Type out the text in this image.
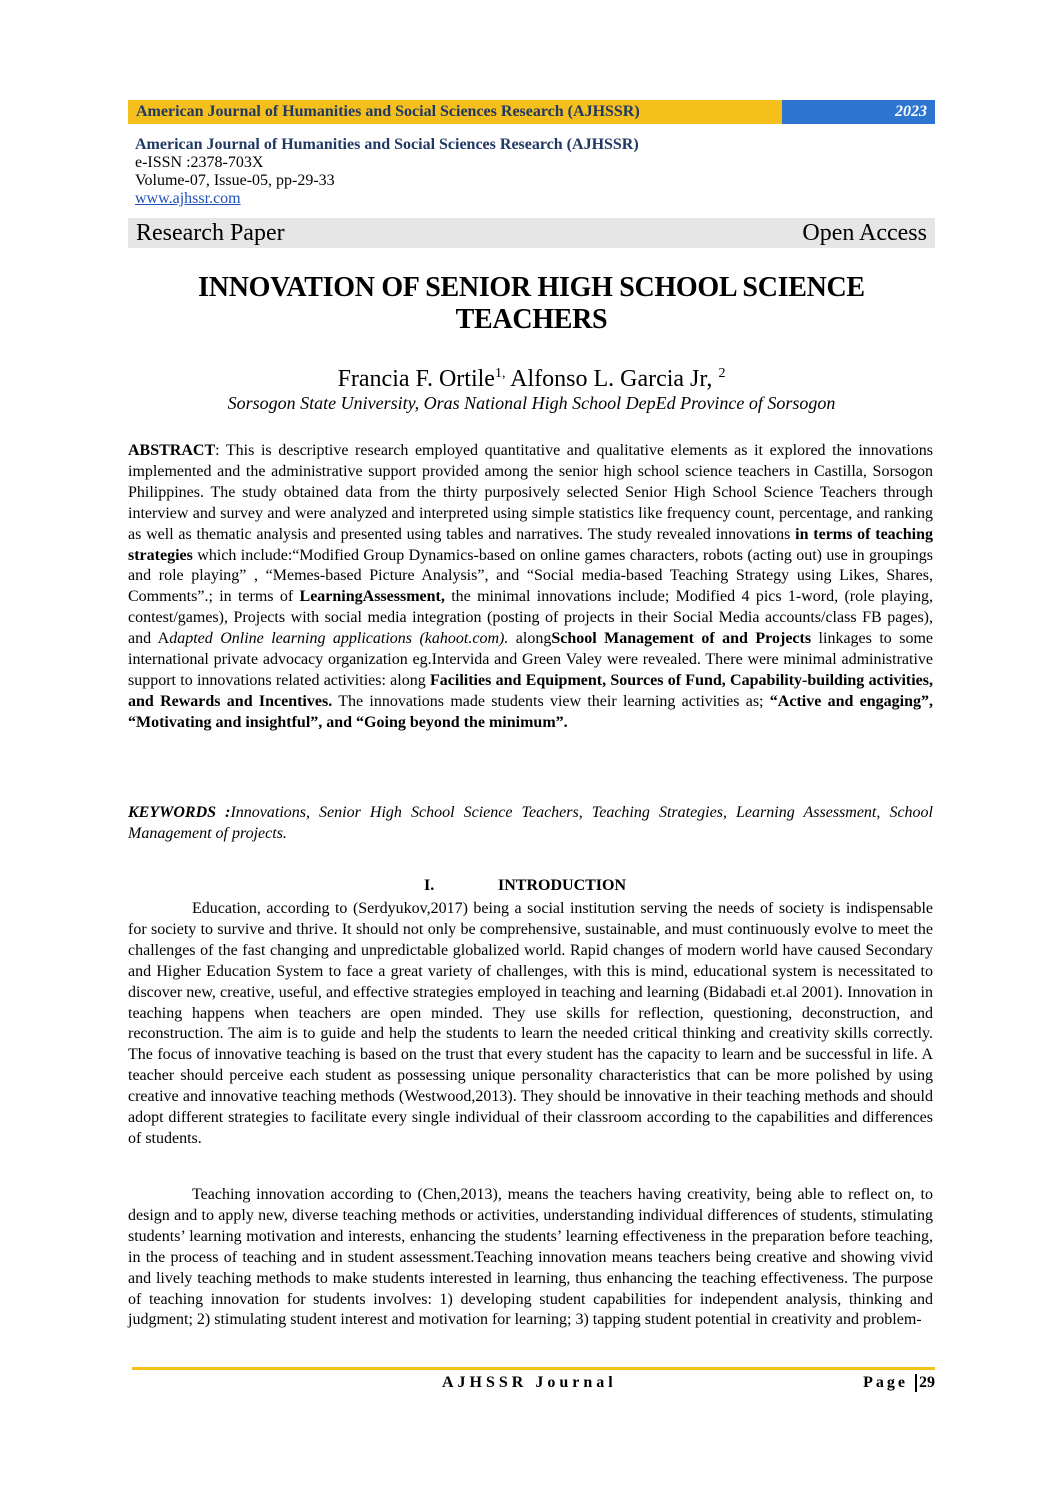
American Journal of Humanities and Social Sciences Research (AJHSSR)	2023
American Journal of Humanities and Social Sciences Research (AJHSSR)
e-ISSN :2378-703X
Volume-07, Issue-05, pp-29-33
www.ajhssr.com
Research Paper	Open Access
INNOVATION OF SENIOR HIGH SCHOOL SCIENCE TEACHERS
Francia F. Ortile$^{1,}$ Alfonso L. Garcia Jr, $^2$
Sorsogon State University, Oras National High School DepEd Province of Sorsogon
ABSTRACT: This is descriptive research employed quantitative and qualitative elements as it explored the innovations implemented and the administrative support provided among the senior high school science teachers in Castilla, Sorsogon Philippines. The study obtained data from the thirty purposively selected Senior High School Science Teachers through interview and survey and were analyzed and interpreted using simple statistics like frequency count, percentage, and ranking as well as thematic analysis and presented using tables and narratives. The study revealed innovations in terms of teaching strategies which include:“Modified Group Dynamics-based on online games characters, robots (acting out) use in groupings and role playing” , “Memes-based Picture Analysis”, and “Social media-based Teaching Strategy using Likes, Shares, Comments”.; in terms of LearningAssessment, the minimal innovations include; Modified 4 pics 1-word, (role playing, contest/games), Projects with social media integration (posting of projects in their Social Media accounts/class FB pages), and Adapted Online learning applications (kahoot.com). alongSchool Management of and Projects linkages to some international private advocacy organization eg.Intervida and Green Valey were revealed. There were minimal administrative support to innovations related activities: along Facilities and Equipment, Sources of Fund, Capability-building activities, and Rewards and Incentives. The innovations made students view their learning activities as; “Active and engaging”, “Motivating and insightful”, and “Going beyond the minimum”.
KEYWORDS :Innovations, Senior High School Science Teachers, Teaching Strategies, Learning Assessment, School Management of projects.
I.	INTRODUCTION
Education, according to (Serdyukov,2017) being a social institution serving the needs of society is indispensable for society to survive and thrive. It should not only be comprehensive, sustainable, and must continuously evolve to meet the challenges of the fast changing and unpredictable globalized world. Rapid changes of modern world have caused Secondary and Higher Education System to face a great variety of challenges, with this is mind, educational system is necessitated to discover new, creative, useful, and effective strategies employed in teaching and learning (Bidabadi et.al 2001). Innovation in teaching happens when teachers are open minded. They use skills for reflection, questioning, deconstruction, and reconstruction. The aim is to guide and help the students to learn the needed critical thinking and creativity skills correctly. The focus of innovative teaching is based on the trust that every student has the capacity to learn and be successful in life. A teacher should perceive each student as possessing unique personality characteristics that can be more polished by using creative and innovative teaching methods (Westwood,2013). They should be innovative in their teaching methods and should adopt different strategies to facilitate every single individual of their classroom according to the capabilities and differences of students.
Teaching innovation according to (Chen,2013), means the teachers having creativity, being able to reflect on, to design and to apply new, diverse teaching methods or activities, understanding individual differences of students, stimulating students’ learning motivation and interests, enhancing the students’ learning effectiveness in the preparation before teaching, in the process of teaching and in student assessment.Teaching innovation means teachers being creative and showing vivid and lively teaching methods to make students interested in learning, thus enhancing the teaching effectiveness. The purpose of teaching innovation for students involves: 1) developing student capabilities for independent analysis, thinking and judgment; 2) stimulating student interest and motivation for learning; 3) tapping student potential in creativity and problem-
AJHSSR Journal	Page 29
